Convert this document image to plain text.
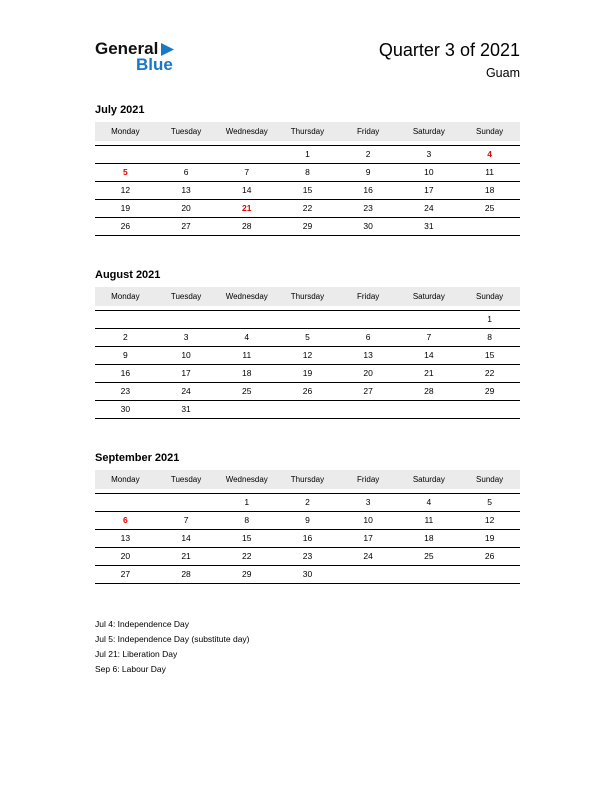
General
Blue
Quarter 3 of 2021
Guam
July 2021
Monday	Tuesday	Wednesday	Thursday	Friday	Saturday	Sunday
			1	2	3	4
5	6	7	8	9	10	11
12	13	14	15	16	17	18
19	20	21	22	23	24	25
26	27	28	29	30	31	
August 2021
Monday	Tuesday	Wednesday	Thursday	Friday	Saturday	Sunday
						1
2	3	4	5	6	7	8
9	10	11	12	13	14	15
16	17	18	19	20	21	22
23	24	25	26	27	28	29
30	31					
September 2021
Monday	Tuesday	Wednesday	Thursday	Friday	Saturday	Sunday
		1	2	3	4	5
6	7	8	9	10	11	12
13	14	15	16	17	18	19
20	21	22	23	24	25	26
27	28	29	30			
Jul 4: Independence Day
Jul 5: Independence Day (substitute day)
Jul 21: Liberation Day
Sep 6: Labour Day
